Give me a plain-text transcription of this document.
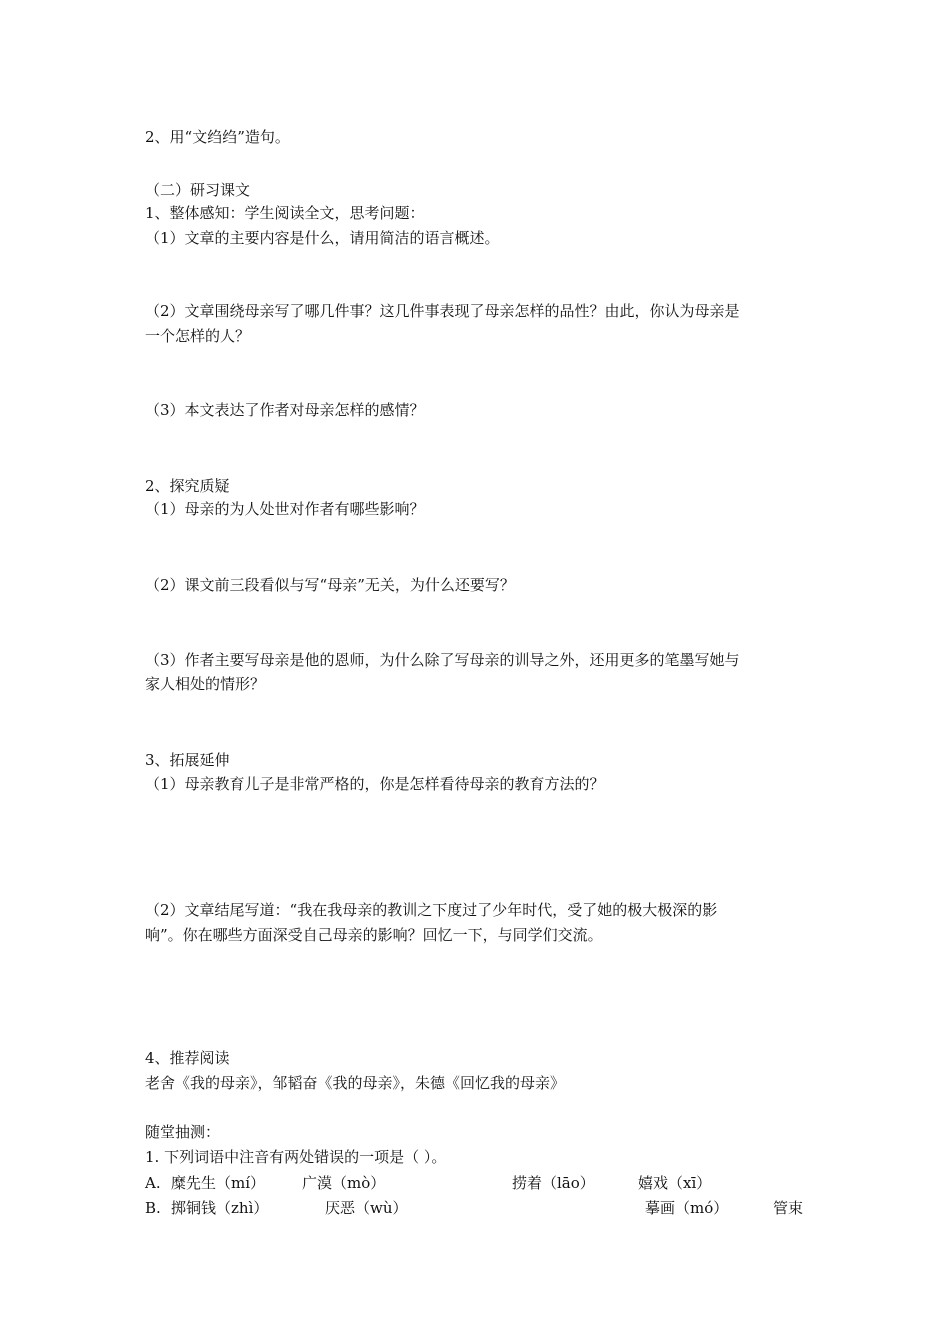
2、用“文绉绉”造句。
（二）研习课文
1、整体感知：学生阅读全文，思考问题：
（1）文章的主要内容是什么，请用简洁的语言概述。
（2）文章围绕母亲写了哪几件事？这几件事表现了母亲怎样的品性？由此，你认为母亲是
一个怎样的人？
（3）本文表达了作者对母亲怎样的感情？
2、探究质疑
（1）母亲的为人处世对作者有哪些影响？
（2）课文前三段看似与写“母亲”无关，为什么还要写？
（3）作者主要写母亲是他的恩师，为什么除了写母亲的训导之外，还用更多的笔墨写她与
家人相处的情形？
3、拓展延伸
（1）母亲教育儿子是非常严格的，你是怎样看待母亲的教育方法的？
（2）文章结尾写道：“我在我母亲的教训之下度过了少年时代，受了她的极大极深的影
响”。你在哪些方面深受自己母亲的影响？回忆一下，与同学们交流。
4、推荐阅读
老舍《我的母亲》，邹韬奋《我的母亲》，朱德《回忆我的母亲》
随堂抽测：
1. 下列词语中注音有两处错误的一项是（ ）。
A. 糜先生（mí） 广漠（mò）	捞着（lāo）	嬉戏（xī）
B. 掷铜钱（zhì）	厌恶（wù）	摹画（mó）	管束
